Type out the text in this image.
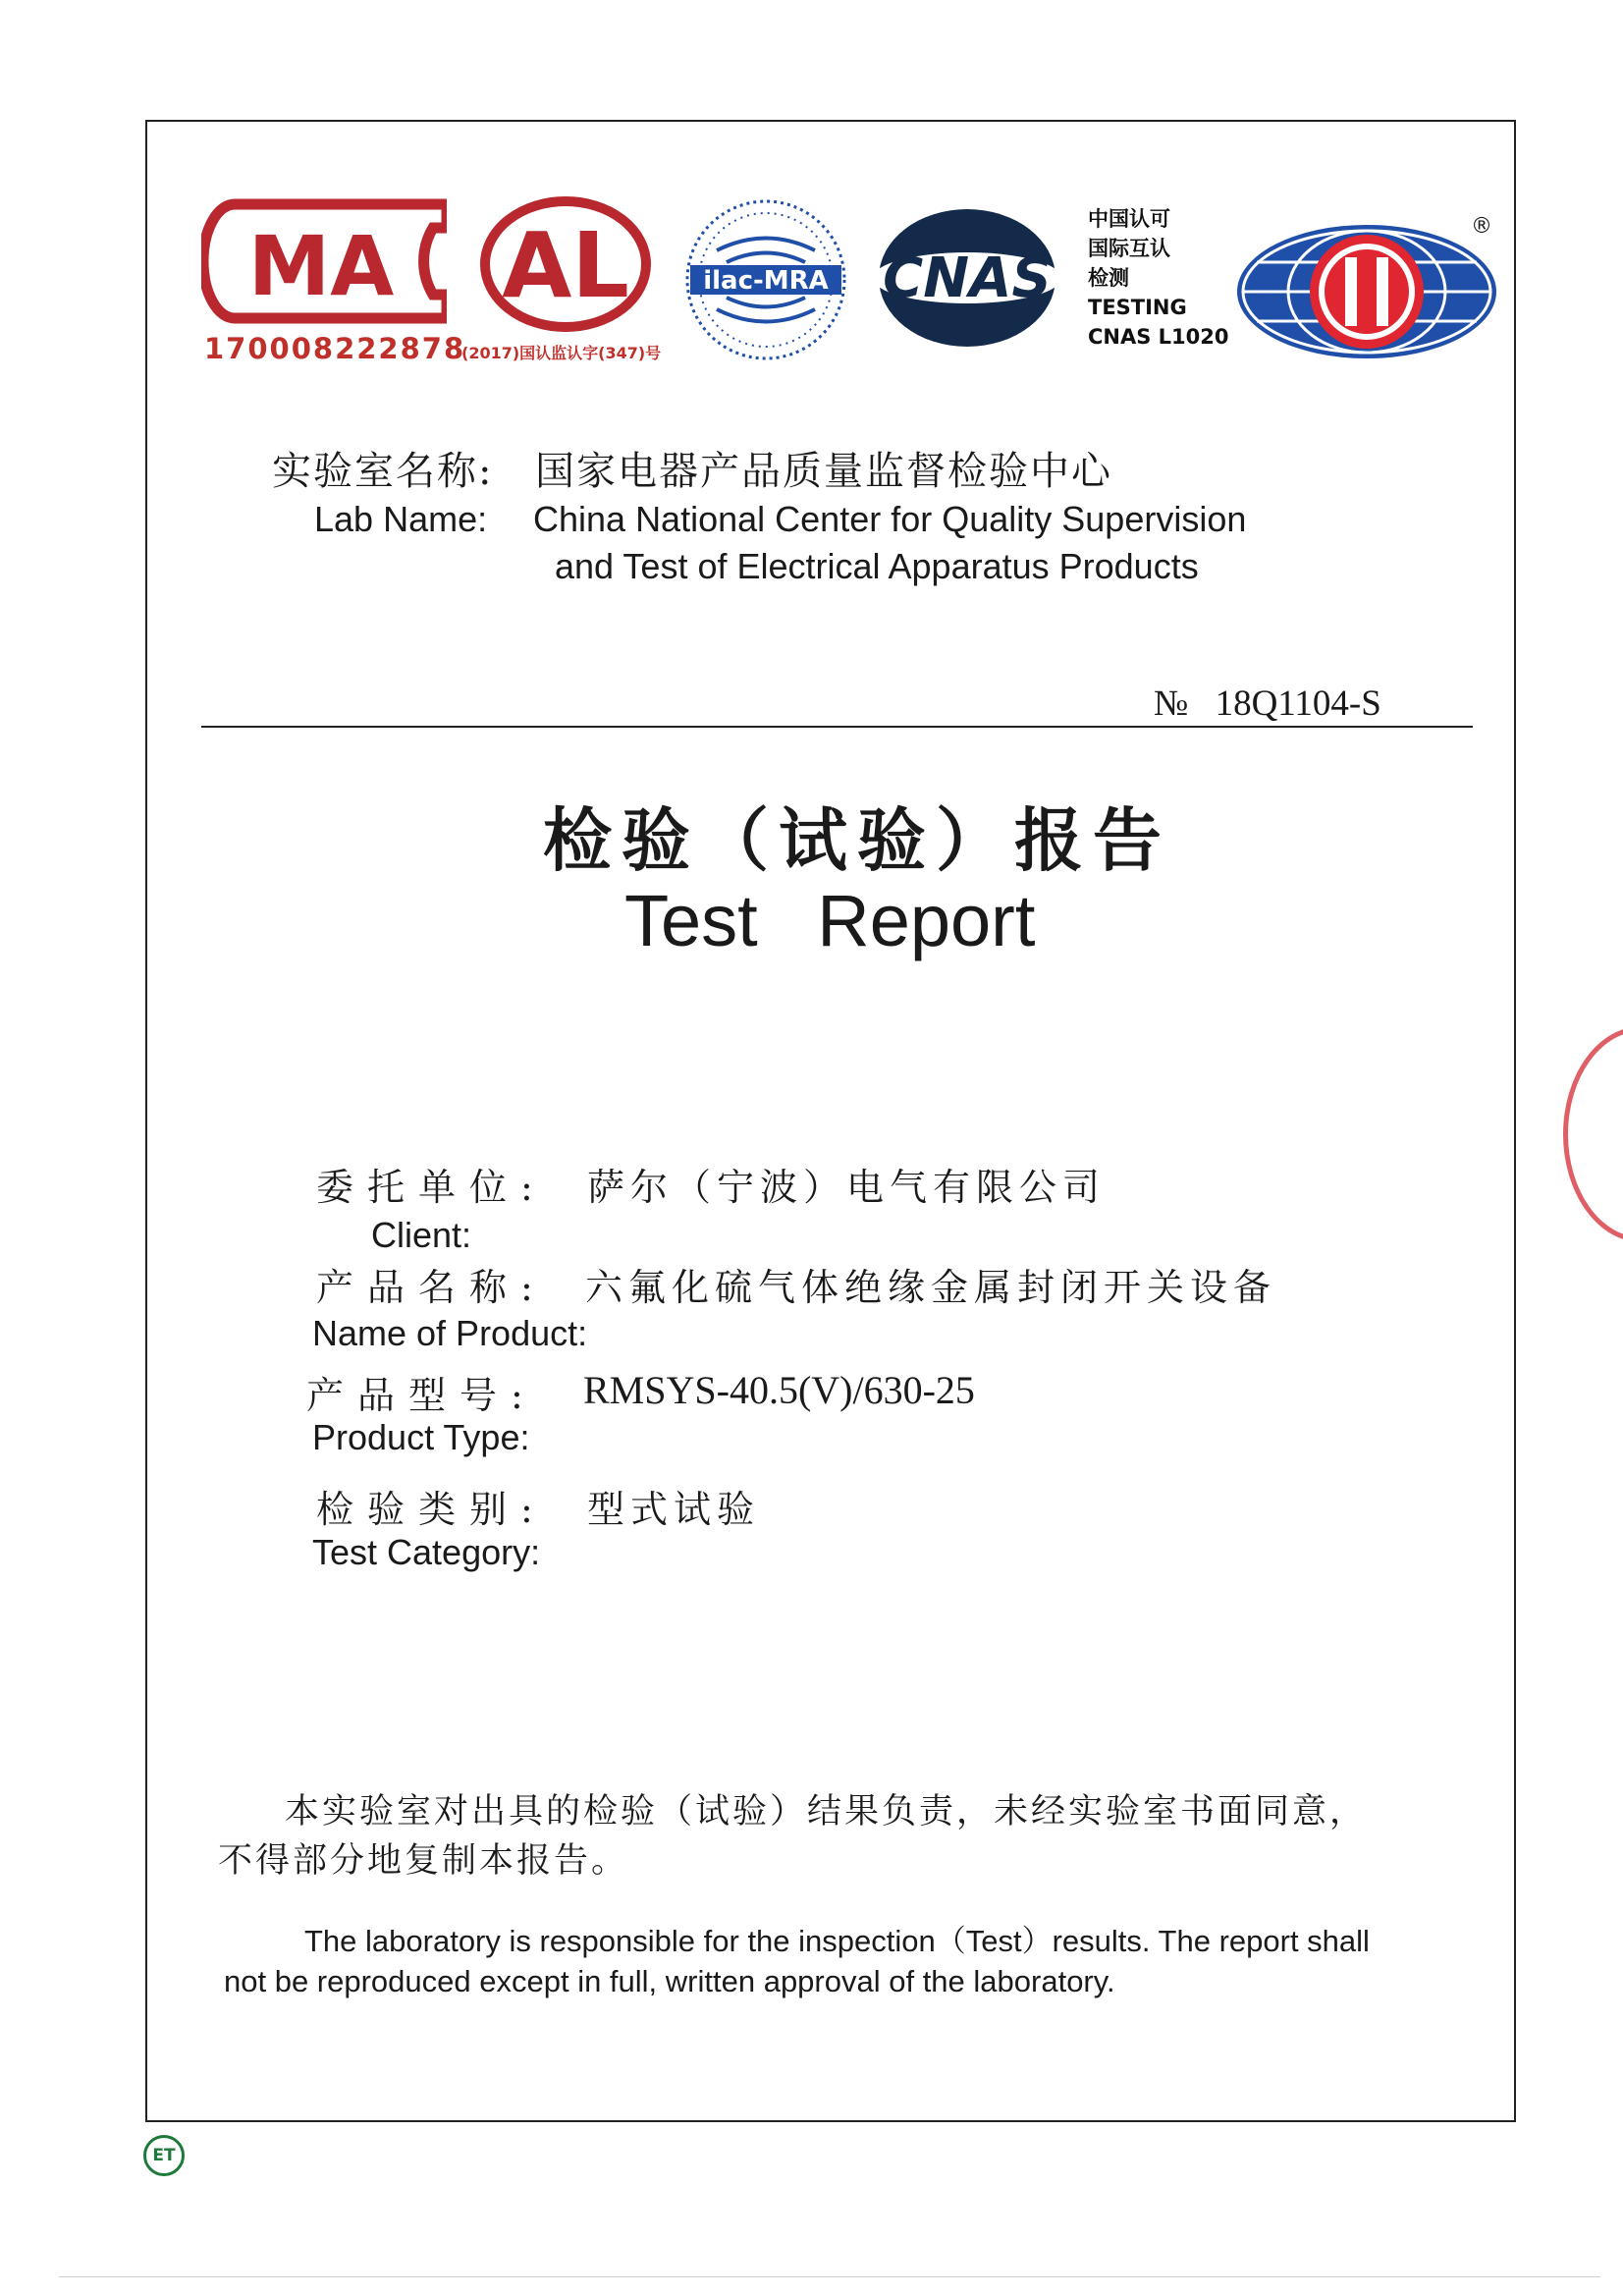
MA
170008222878
AL
(2017)国认监认字(347)号
ilac-MRA CNAS
中国认可
国际互认
检测
TESTING
CNAS L1020
®
实验室名称: 国家电器产品质量监督检验中心
Lab Name: China National Center for Quality Supervision
and Test of Electrical Apparatus Products
№ 18Q1104-S
检验（试验）报告
Test Report
委托单位: 萨尔（宁波）电气有限公司
Client:
产品名称: 六氟化硫气体绝缘金属封闭开关设备
Name of Product:
产品型号: RMSYS-40.5(V)/630-25
Product Type:
检验类别: 型式试验
Test Category:
本实验室对出具的检验（试验）结果负责，未经实验室书面同意，
不得部分地复制本报告。
The laboratory is responsible for the inspection（Test）results. The report shall
not be reproduced except in full, written approval of the laboratory.
ET
